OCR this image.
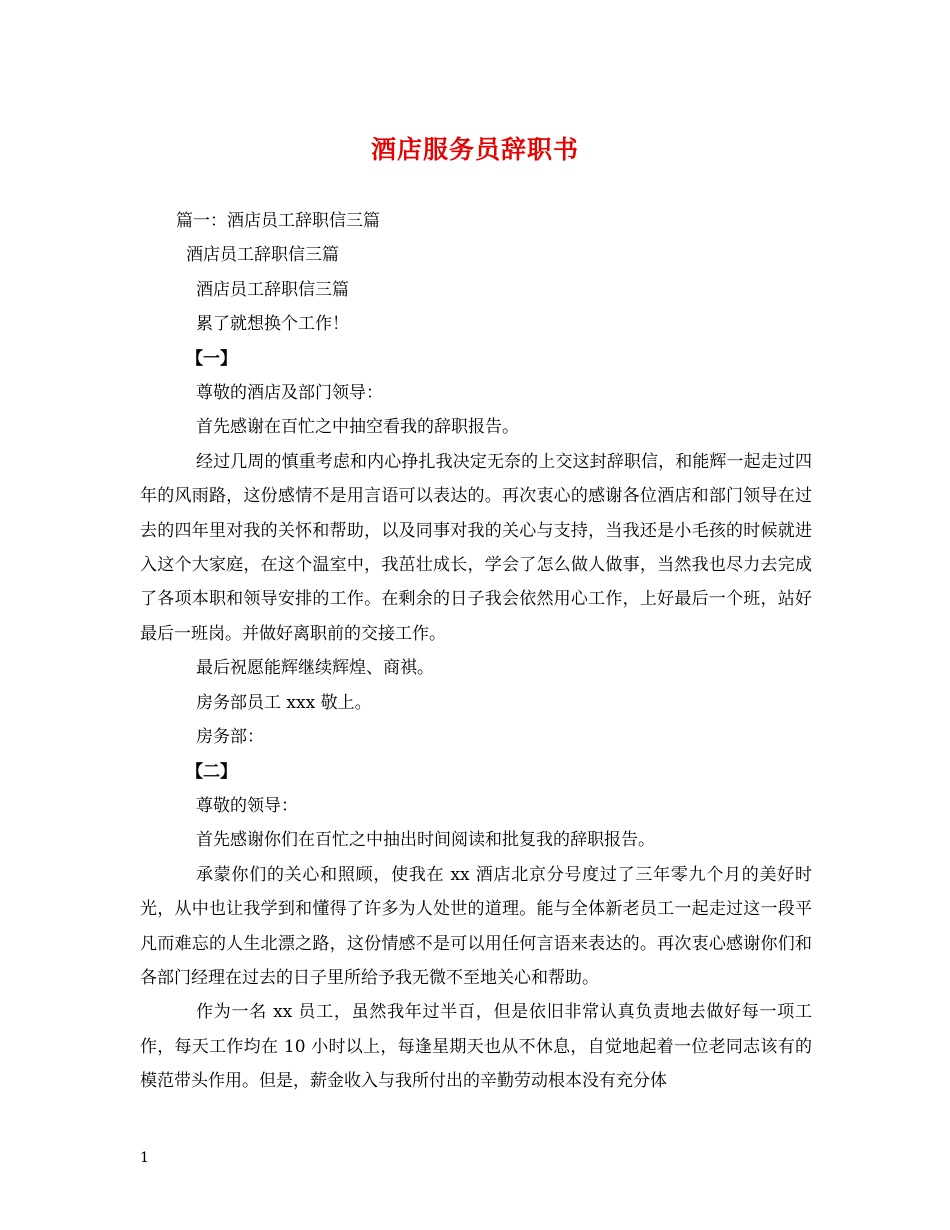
酒店服务员辞职书

篇一：酒店员工辞职信三篇

酒店员工辞职信三篇

酒店员工辞职信三篇

累了就想换个工作！

【一】

尊敬的酒店及部门领导：

首先感谢在百忙之中抽空看我的辞职报告。

经过几周的慎重考虑和内心挣扎我决定无奈的上交这封辞职信，和能辉一起走过四年的风雨路，这份感情不是用言语可以表达的。再次衷心的感谢各位酒店和部门领导在过去的四年里对我的关怀和帮助，以及同事对我的关心与支持，当我还是小毛孩的时候就进入这个大家庭，在这个温室中，我茁壮成长，学会了怎么做人做事，当然我也尽力去完成了各项本职和领导安排的工作。在剩余的日子我会依然用心工作，上好最后一个班，站好最后一班岗。并做好离职前的交接工作。

最后祝愿能辉继续辉煌、商祺。

房务部员工 xxx 敬上。

房务部：

【二】

尊敬的领导：

首先感谢你们在百忙之中抽出时间阅读和批复我的辞职报告。

承蒙你们的关心和照顾，使我在 xx 酒店北京分号度过了三年零九个月的美好时光，从中也让我学到和懂得了许多为人处世的道理。能与全体新老员工一起走过这一段平凡而难忘的人生北漂之路，这份情感不是可以用任何言语来表达的。再次衷心感谢你们和各部门经理在过去的日子里所给予我无微不至地关心和帮助。

作为一名 xx 员工，虽然我年过半百，但是依旧非常认真负责地去做好每一项工作，每天工作均在 10 小时以上，每逢星期天也从不休息，自觉地起着一位老同志该有的模范带头作用。但是，薪金收入与我所付出的辛勤劳动根本没有充分体

1
